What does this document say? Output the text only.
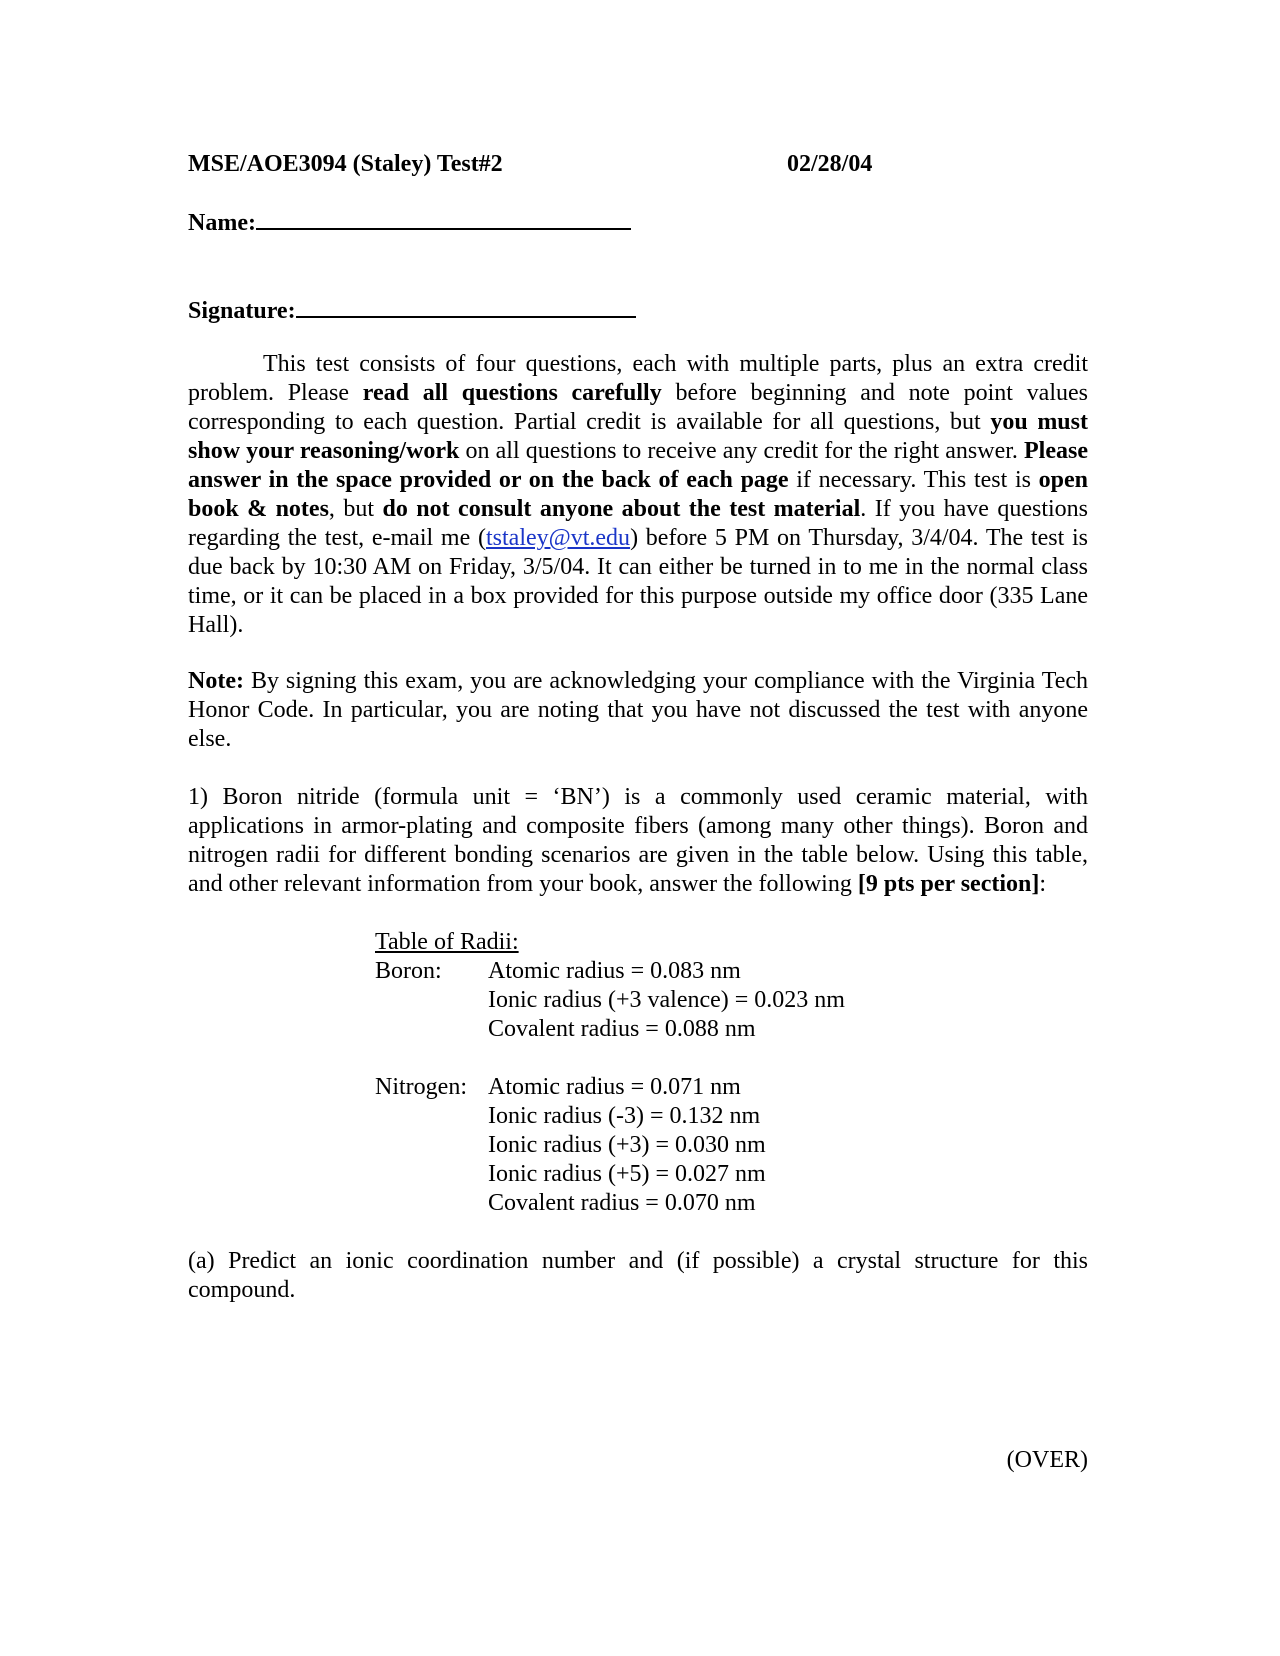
MSE/AOE3094 (Staley) Test#2	02/28/04
Name:
Signature:

This test consists of four questions, each with multiple parts, plus an extra credit problem. Please read all questions carefully before beginning and note point values corresponding to each question. Partial credit is available for all questions, but you must show your reasoning/work on all questions to receive any credit for the right answer. Please answer in the space provided or on the back of each page if necessary. This test is open book & notes, but do not consult anyone about the test material. If you have questions regarding the test, e-mail me (tstaley@vt.edu) before 5 PM on Thursday, 3/4/04. The test is due back by 10:30 AM on Friday, 3/5/04. It can either be turned in to me in the normal class time, or it can be placed in a box provided for this purpose outside my office door (335 Lane Hall).

Note: By signing this exam, you are acknowledging your compliance with the Virginia Tech Honor Code. In particular, you are noting that you have not discussed the test with anyone else.

1) Boron nitride (formula unit = ‘BN’) is a commonly used ceramic material, with applications in armor-plating and composite fibers (among many other things). Boron and nitrogen radii for different bonding scenarios are given in the table below. Using this table, and other relevant information from your book, answer the following [9 pts per section]:

Table of Radii:
Boron: Atomic radius = 0.083 nm
Ionic radius (+3 valence) = 0.023 nm
Covalent radius = 0.088 nm
Nitrogen: Atomic radius = 0.071 nm
Ionic radius (-3) = 0.132 nm
Ionic radius (+3) = 0.030 nm
Ionic radius (+5) = 0.027 nm
Covalent radius = 0.070 nm

(a) Predict an ionic coordination number and (if possible) a crystal structure for this compound.

(OVER)
